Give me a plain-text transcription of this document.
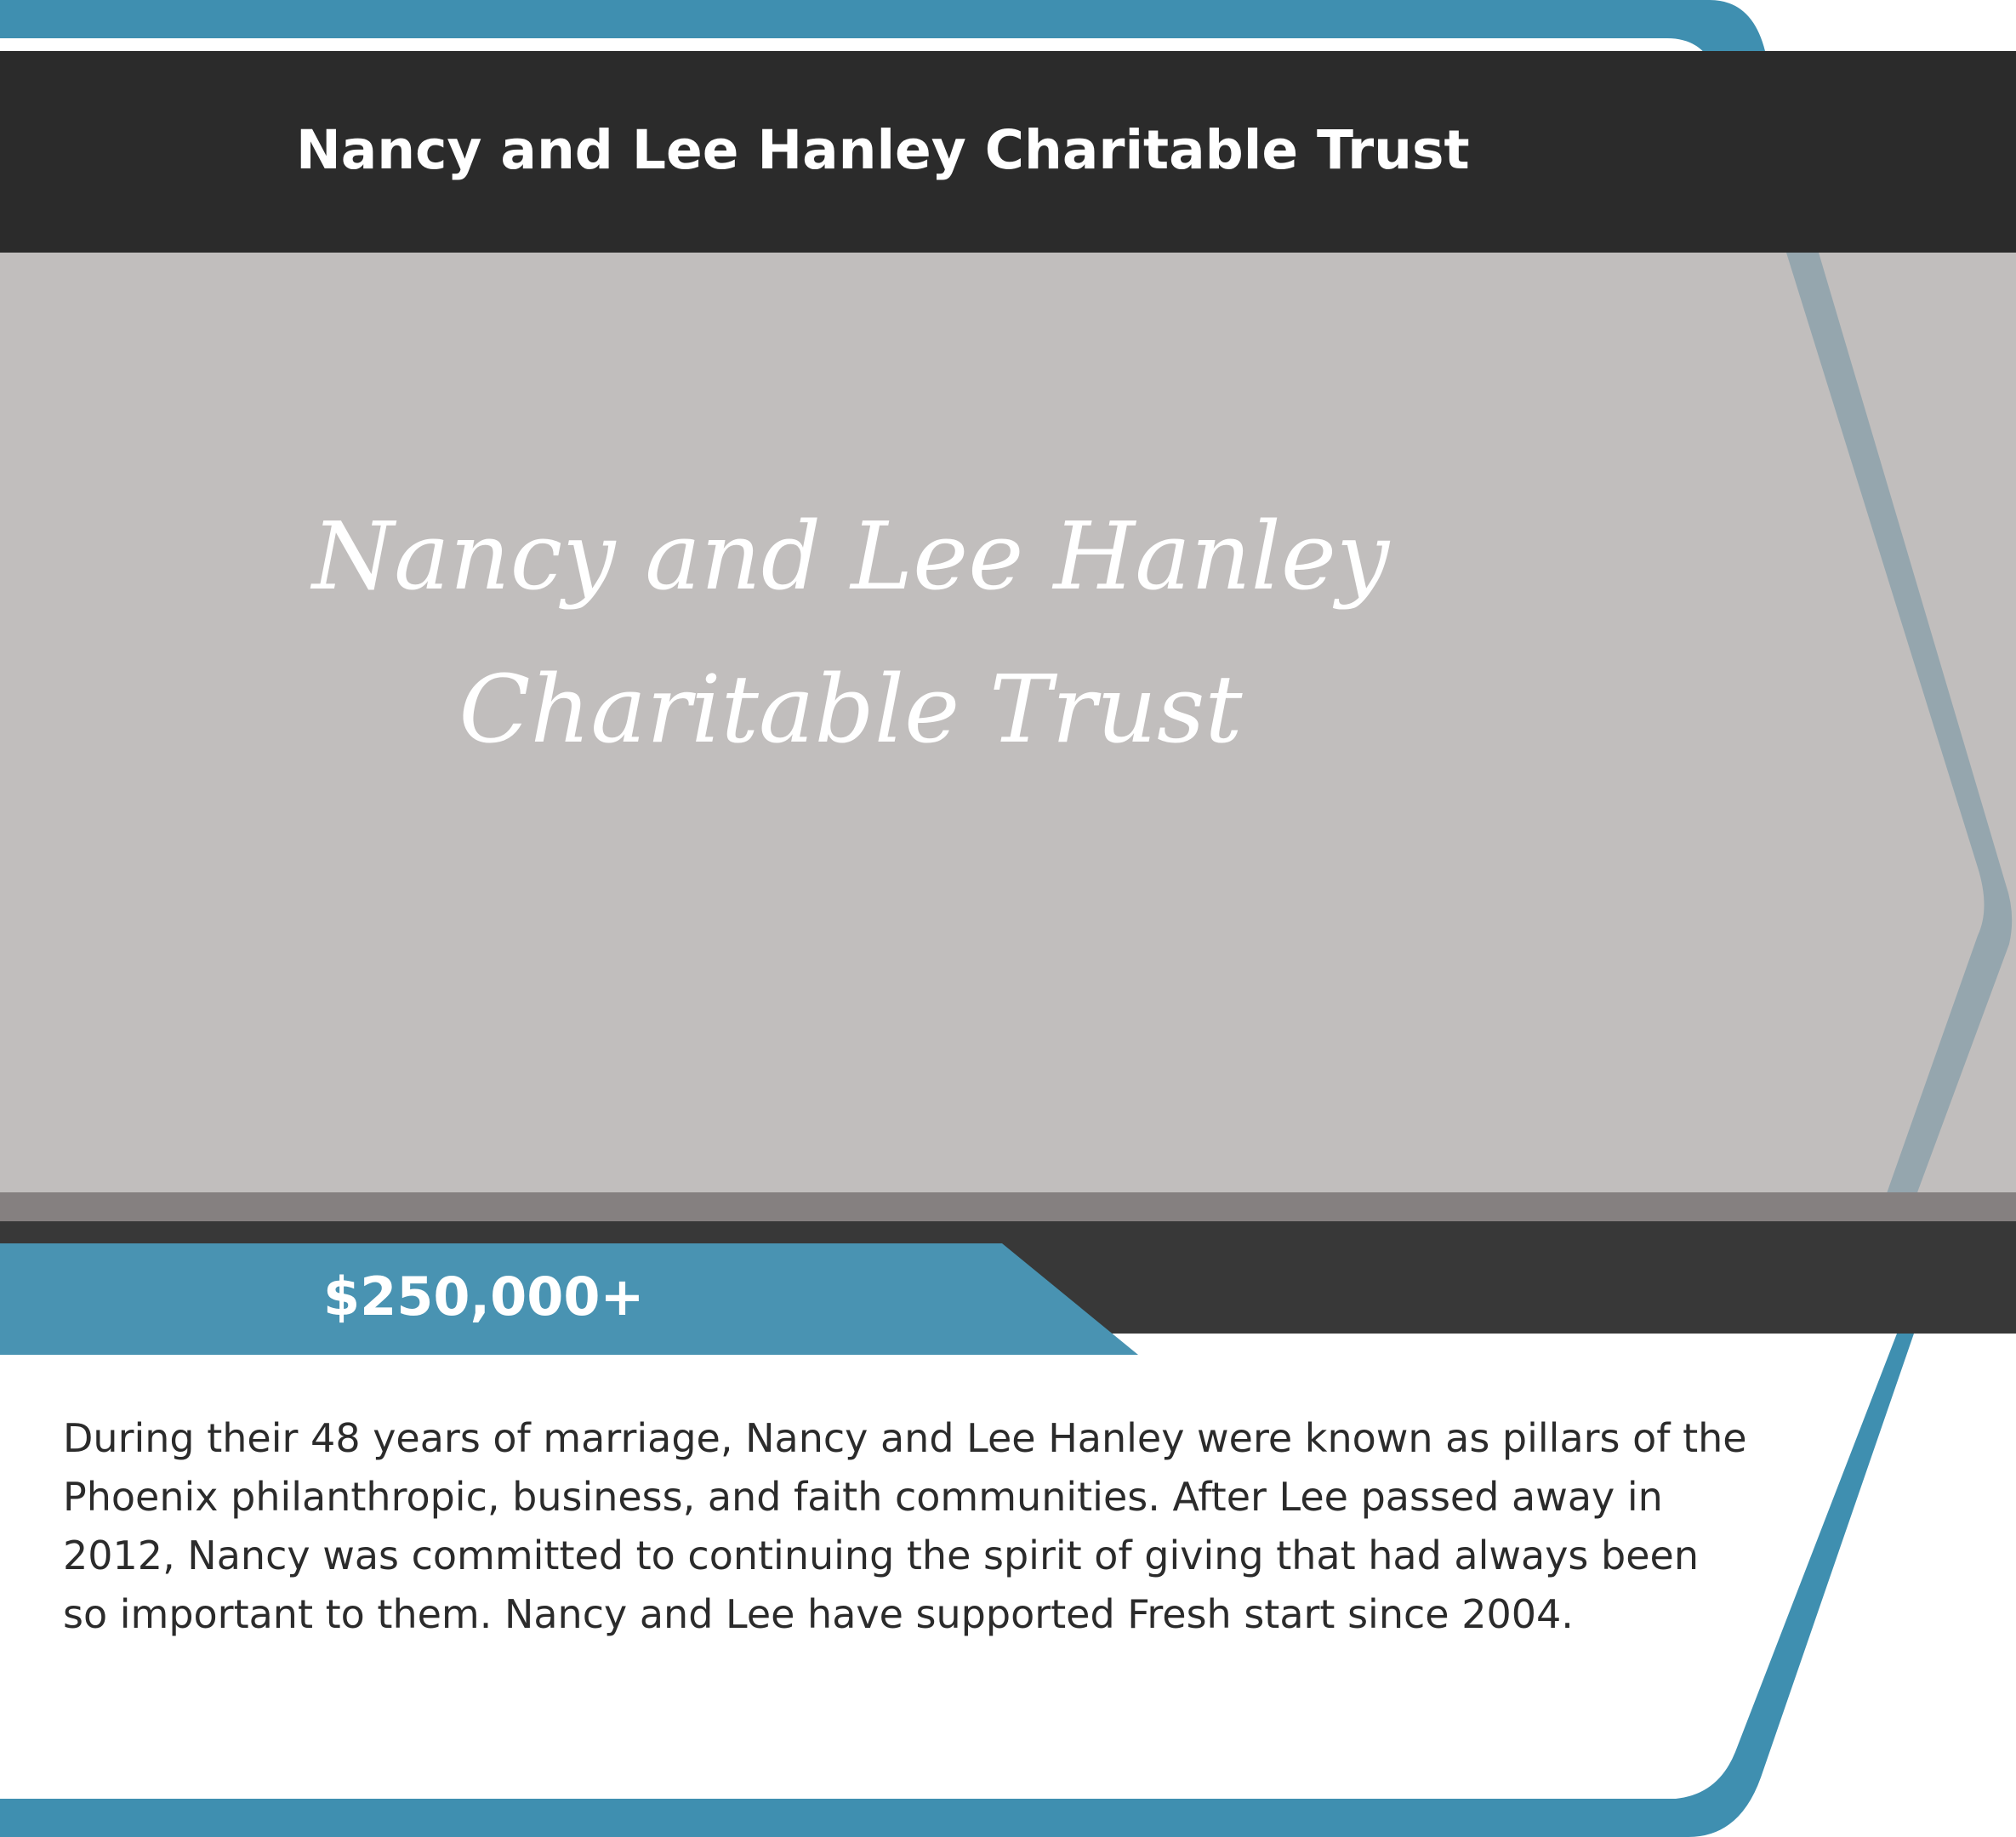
Nancy and Lee Hanley Charitable Trust
Nancy and Lee Hanley
Charitable Trust
$250,000+

During their 48 years of marriage, Nancy and Lee Hanley were known as pillars of the Phoenix philanthropic, business, and faith communities. After Lee passed away in 2012, Nancy was committed to continuing the spirit of giving that had always been so important to them. Nancy and Lee have supported Fresh start since 2004.
